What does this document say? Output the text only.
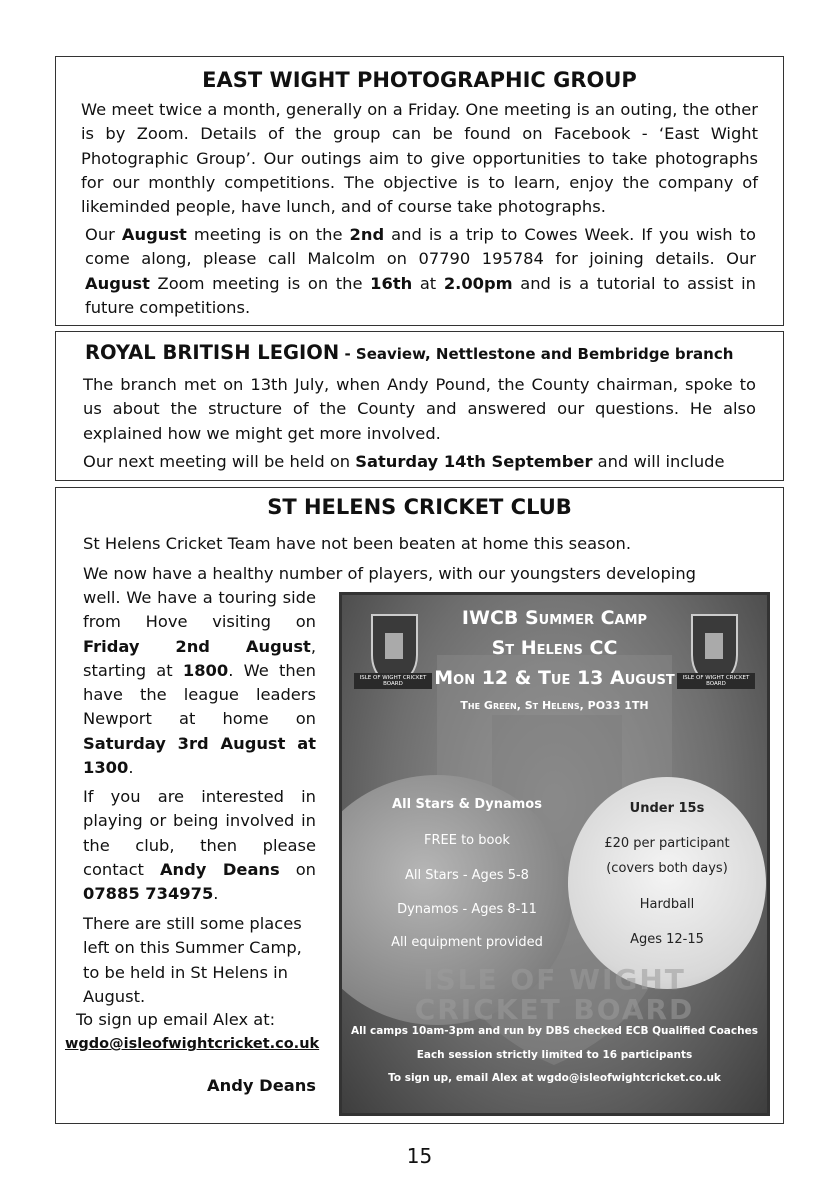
EAST WIGHT PHOTOGRAPHIC GROUP

We meet twice a month, generally on a Friday. One meeting is an outing, the other is by Zoom. Details of the group can be found on Facebook - ‘East Wight Photographic Group’. Our outings aim to give opportunities to take photographs for our monthly competitions. The objective is to learn, enjoy the company of likeminded people, have lunch, and of course take photographs.

Our August meeting is on the 2nd and is a trip to Cowes Week. If you wish to come along, please call Malcolm on 07790 195784 for joining details. Our August Zoom meeting is on the 16th at 2.00pm and is a tutorial to assist in future competitions.

ROYAL BRITISH LEGION - Seaview, Nettlestone and Bembridge branch

The branch met on 13th July, when Andy Pound, the County chairman, spoke to us about the structure of the County and answered our questions. He also explained how we might get more involved.

Our next meeting will be held on Saturday 14th September and will include

ST HELENS CRICKET CLUB

St Helens Cricket Team have not been beaten at home this season.

We now have a healthy number of players, with our youngsters developing

well. We have a touring side from Hove visiting on Friday 2nd August, starting at 1800. We then have the league leaders Newport at home on Saturday 3rd August at 1300.

If you are interested in playing or being involved in the club, then please contact Andy Deans on 07885 734975.

There are still some places left on this Summer Camp, to be held in St Helens in August.

To sign up email Alex at:

wgdo@isleofwightcricket.co.uk

Andy Deans

ISLE OF WIGHT CRICKET BOARD
ISLE OF WIGHT CRICKET BOARD
IWCB Summer Camp
St Helens CC
Mon 12 & Tue 13 August
The Green, St Helens, PO33 1TH
All Stars & Dynamos
FREE to book
All Stars - Ages 5-8
Dynamos - Ages 8-11
All equipment provided
Under 15s
£20 per participant
(covers both days)
Hardball
Ages 12-15
ISLE OF WIGHT CRICKET BOARD
All camps 10am-3pm and run by DBS checked ECB Qualified Coaches
Each session strictly limited to 16 participants
To sign up, email Alex at wgdo@isleofwightcricket.co.uk
15
